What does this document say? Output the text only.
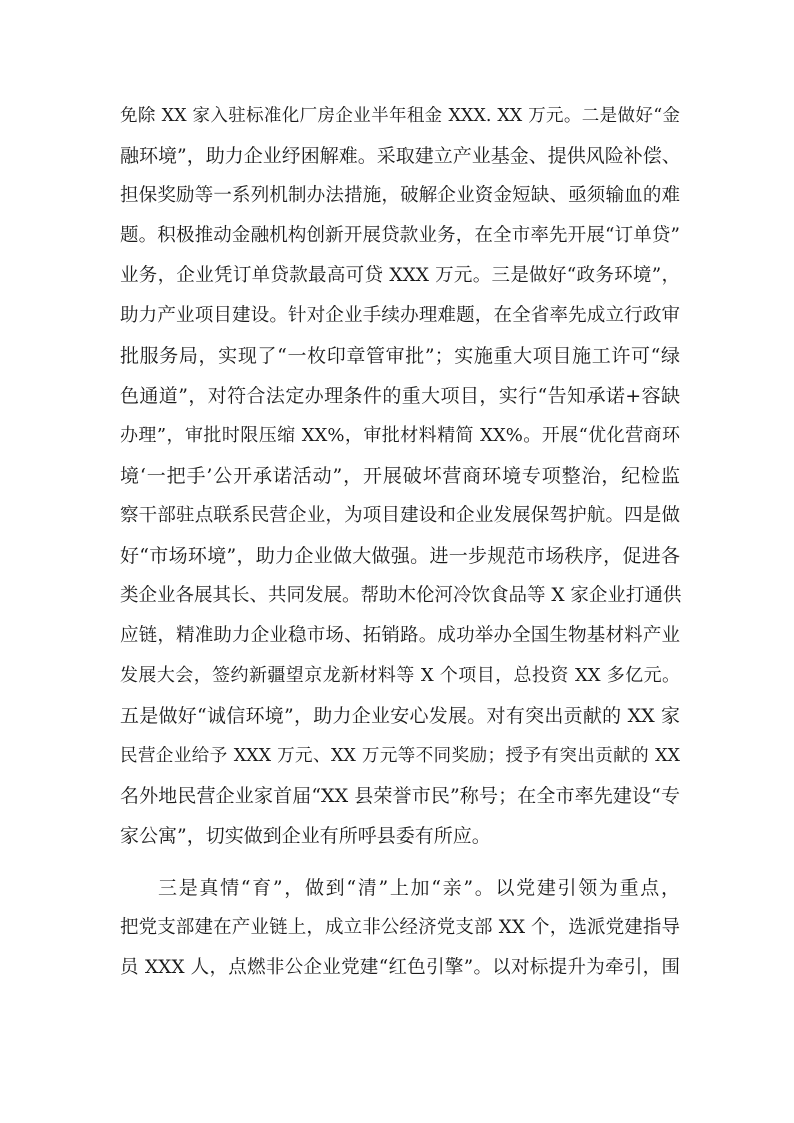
免除 XX 家入驻标准化厂房企业半年租金 XXX. XX 万元。二是做好“金
融环境”，助力企业纾困解难。采取建立产业基金、提供风险补偿、
担保奖励等一系列机制办法措施，破解企业资金短缺、亟须输血的难
题。积极推动金融机构创新开展贷款业务，在全市率先开展“订单贷”
业务，企业凭订单贷款最高可贷 XXX 万元。三是做好“政务环境”，
助力产业项目建设。针对企业手续办理难题，在全省率先成立行政审
批服务局，实现了“一枚印章管审批”；实施重大项目施工许可“绿
色通道”，对符合法定办理条件的重大项目，实行“告知承诺+容缺
办理”，审批时限压缩 XX%，审批材料精简 XX%。开展“优化营商环
境‘一把手’公开承诺活动”，开展破坏营商环境专项整治，纪检监
察干部驻点联系民营企业，为项目建设和企业发展保驾护航。四是做
好“市场环境”，助力企业做大做强。进一步规范市场秩序，促进各
类企业各展其长、共同发展。帮助木伦河冷饮食品等 X 家企业打通供
应链，精准助力企业稳市场、拓销路。成功举办全国生物基材料产业
发展大会，签约新疆望京龙新材料等 X 个项目，总投资 XX 多亿元。
五是做好“诚信环境”，助力企业安心发展。对有突出贡献的 XX 家
民营企业给予 XXX 万元、XX 万元等不同奖励；授予有突出贡献的 XX
名外地民营企业家首届“XX 县荣誉市民”称号；在全市率先建设“专
家公寓”，切实做到企业有所呼县委有所应。
三是真情“育”，做到“清”上加“亲”。以党建引领为重点，
把党支部建在产业链上，成立非公经济党支部 XX 个，选派党建指导
员 XXX 人，点燃非公企业党建“红色引擎”。以对标提升为牵引，围
